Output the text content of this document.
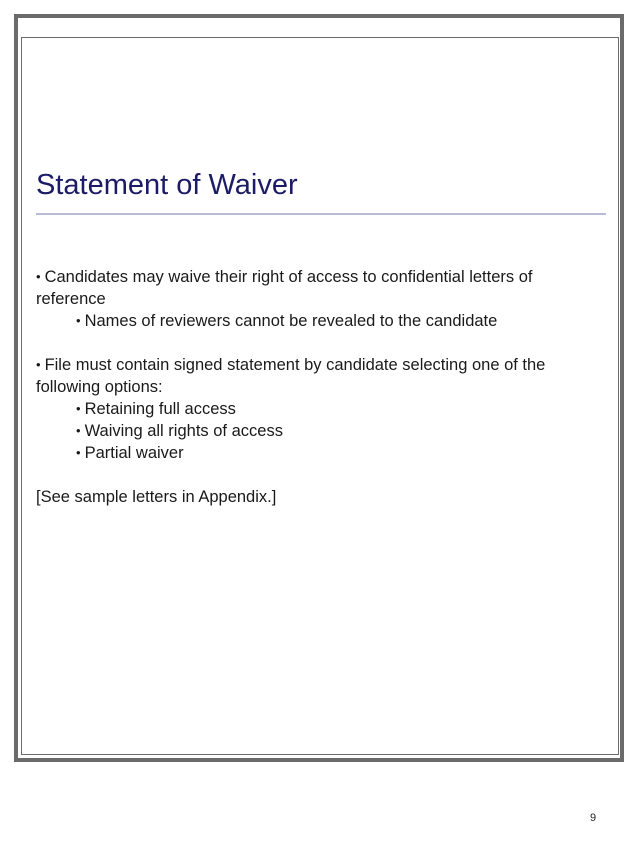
Statement of Waiver

• Candidates may waive their right of access to confidential letters of reference

• Names of reviewers cannot be revealed to the candidate

• File must contain signed statement by candidate selecting one of the following options:

• Retaining full access

• Waiving all rights of access

• Partial waiver

[See sample letters in Appendix.]

9
